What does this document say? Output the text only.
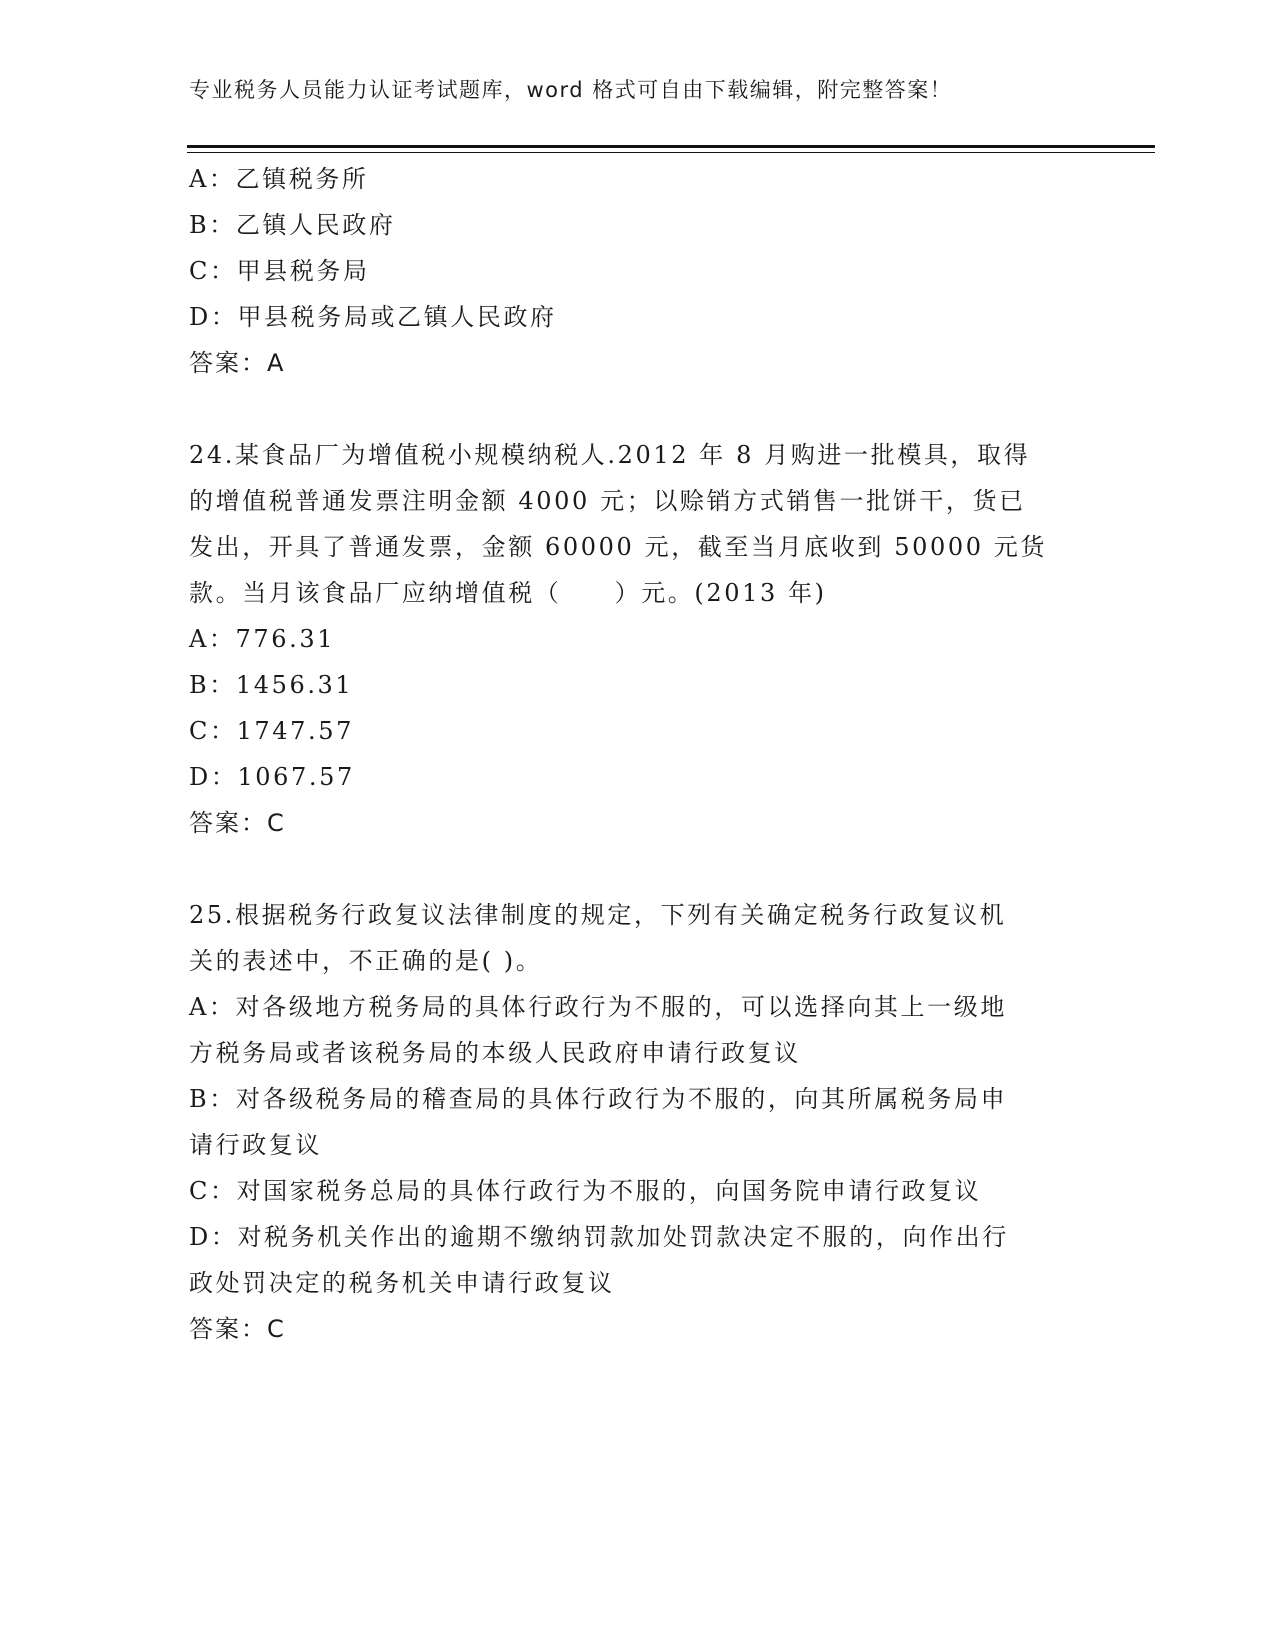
专业税务人员能力认证考试题库，word 格式可自由下载编辑，附完整答案！
A：乙镇税务所
B：乙镇人民政府
C：甲县税务局
D：甲县税务局或乙镇人民政府
答案：A
24.某食品厂为增值税小规模纳税人.2012 年 8 月购进一批模具，取得
的增值税普通发票注明金额 4000 元；以赊销方式销售一批饼干，货已
发出，开具了普通发票，金额 60000 元，截至当月底收到 50000 元货
款。当月该食品厂应纳增值税（　　）元。(2013 年)
A：776.31
B：1456.31
C：1747.57
D：1067.57
答案：C
25.根据税务行政复议法律制度的规定，下列有关确定税务行政复议机
关的表述中，不正确的是( )。
A：对各级地方税务局的具体行政行为不服的，可以选择向其上一级地
方税务局或者该税务局的本级人民政府申请行政复议
B：对各级税务局的稽查局的具体行政行为不服的，向其所属税务局申
请行政复议
C：对国家税务总局的具体行政行为不服的，向国务院申请行政复议
D：对税务机关作出的逾期不缴纳罚款加处罚款决定不服的，向作出行
政处罚决定的税务机关申请行政复议
答案：C
